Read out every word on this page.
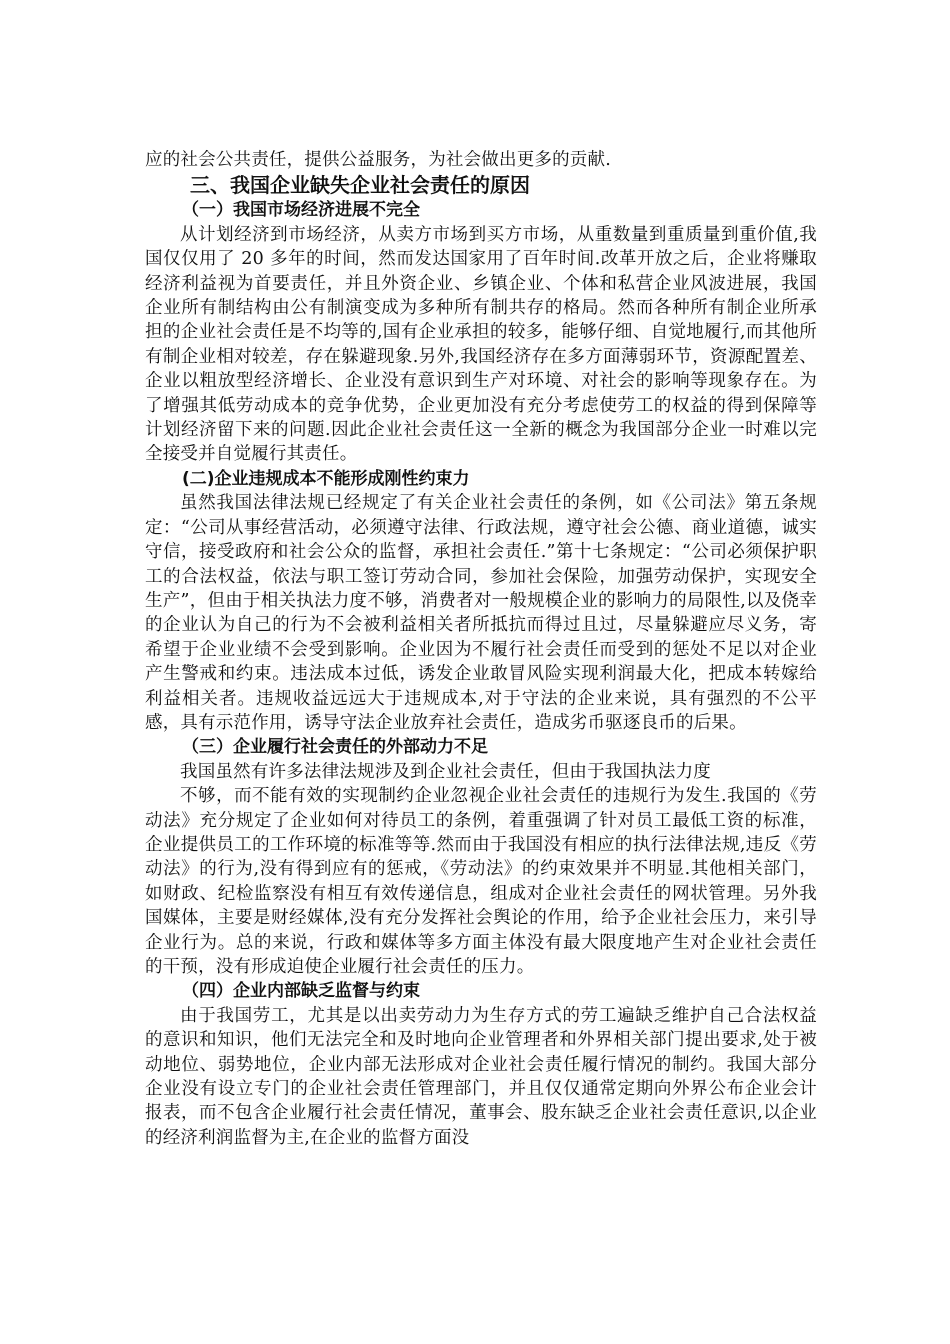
应的社会公共责任，提供公益服务，为社会做出更多的贡献.

三、我国企业缺失企业社会责任的原因
（一）我国市场经济进展不完全

从计划经济到市场经济，从卖方市场到买方市场，从重数量到重质量到重价值,我国仅仅用了 20 多年的时间，然而发达国家用了百年时间.改革开放之后，企业将赚取经济利益视为首要责任，并且外资企业、乡镇企业、个体和私营企业风波进展，我国企业所有制结构由公有制演变成为多种所有制共存的格局。然而各种所有制企业所承担的企业社会责任是不均等的,国有企业承担的较多，能够仔细、自觉地履行,而其他所有制企业相对较差，存在躲避现象.另外,我国经济存在多方面薄弱环节，资源配置差、企业以粗放型经济增长、企业没有意识到生产对环境、对社会的影响等现象存在。为了增强其低劳动成本的竞争优势，企业更加没有充分考虑使劳工的权益的得到保障等计划经济留下来的问题.因此企业社会责任这一全新的概念为我国部分企业一时难以完全接受并自觉履行其责任。

(二)企业违规成本不能形成刚性约束力

虽然我国法律法规已经规定了有关企业社会责任的条例，如《公司法》第五条规定：“公司从事经营活动，必须遵守法律、行政法规，遵守社会公德、商业道德，诚实守信，接受政府和社会公众的监督，承担社会责任.”第十七条规定：“公司必须保护职工的合法权益，依法与职工签订劳动合同，参加社会保险，加强劳动保护，实现安全生产”，但由于相关执法力度不够，消费者对一般规模企业的影响力的局限性,以及侥幸的企业认为自己的行为不会被利益相关者所抵抗而得过且过，尽量躲避应尽义务，寄希望于企业业绩不会受到影响。企业因为不履行社会责任而受到的惩处不足以对企业产生警戒和约束。违法成本过低，诱发企业敢冒风险实现利润最大化，把成本转嫁给利益相关者。违规收益远远大于违规成本,对于守法的企业来说，具有强烈的不公平感，具有示范作用，诱导守法企业放弃社会责任，造成劣币驱逐良币的后果。

（三）企业履行社会责任的外部动力不足

我国虽然有许多法律法规涉及到企业社会责任，但由于我国执法力度

不够，而不能有效的实现制约企业忽视企业社会责任的违规行为发生.我国的《劳动法》充分规定了企业如何对待员工的条例，着重强调了针对员工最低工资的标准，企业提供员工的工作环境的标准等等.然而由于我国没有相应的执行法律法规,违反《劳动法》的行为,没有得到应有的惩戒，《劳动法》的约束效果并不明显.其他相关部门，如财政、纪检监察没有相互有效传递信息，组成对企业社会责任的网状管理。另外我国媒体，主要是财经媒体,没有充分发挥社会舆论的作用，给予企业社会压力，来引导企业行为。总的来说，行政和媒体等多方面主体没有最大限度地产生对企业社会责任的干预，没有形成迫使企业履行社会责任的压力。

（四）企业内部缺乏监督与约束

由于我国劳工，尤其是以出卖劳动力为生存方式的劳工遍缺乏维护自己合法权益的意识和知识，他们无法完全和及时地向企业管理者和外界相关部门提出要求,处于被动地位、弱势地位，企业内部无法形成对企业社会责任履行情况的制约。我国大部分企业没有设立专门的企业社会责任管理部门，并且仅仅通常定期向外界公布企业会计报表，而不包含企业履行社会责任情况，董事会、股东缺乏企业社会责任意识,以企业的经济利润监督为主,在企业的监督方面没
